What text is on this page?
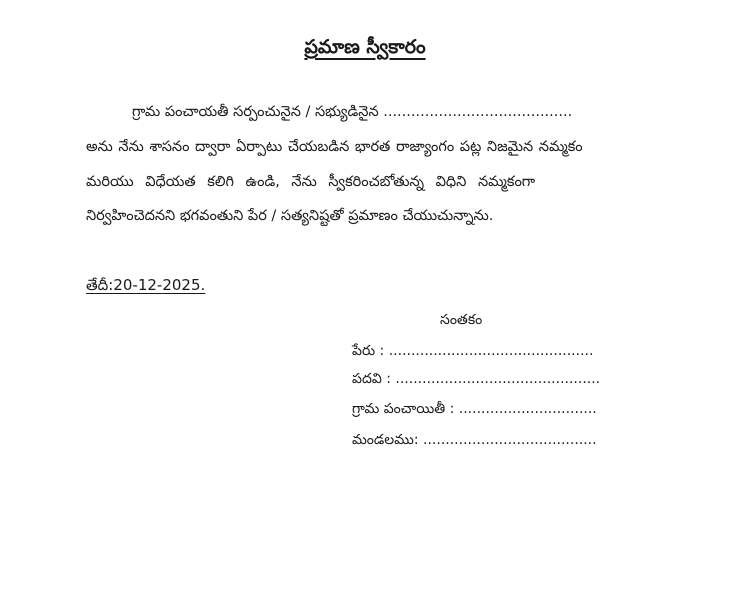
ప్రమాణ స్వీకారం
గ్రామ పంచాయతీ సర్పంచునైన / సభ్యుడినైన .........................................
అను నేను శాసనం ద్వారా ఏర్పాటు చేయబడిన భారత రాజ్యాంగం పట్ల నిజమైన నమ్మకం
మరియు విధేయత కలిగి ఉండి, నేను స్వీకరించబోతున్న విధిని నమ్మకంగా
నిర్వహించెదనని భగవంతుని పేర / సత్యనిష్టతో ప్రమాణం చేయుచున్నాను.
తేదీ:20-12-2025.
సంతకం
పేరు : ..............................................
పదవి : ..............................................
గ్రామ పంచాయితీ : ...............................
మండలము: .......................................
